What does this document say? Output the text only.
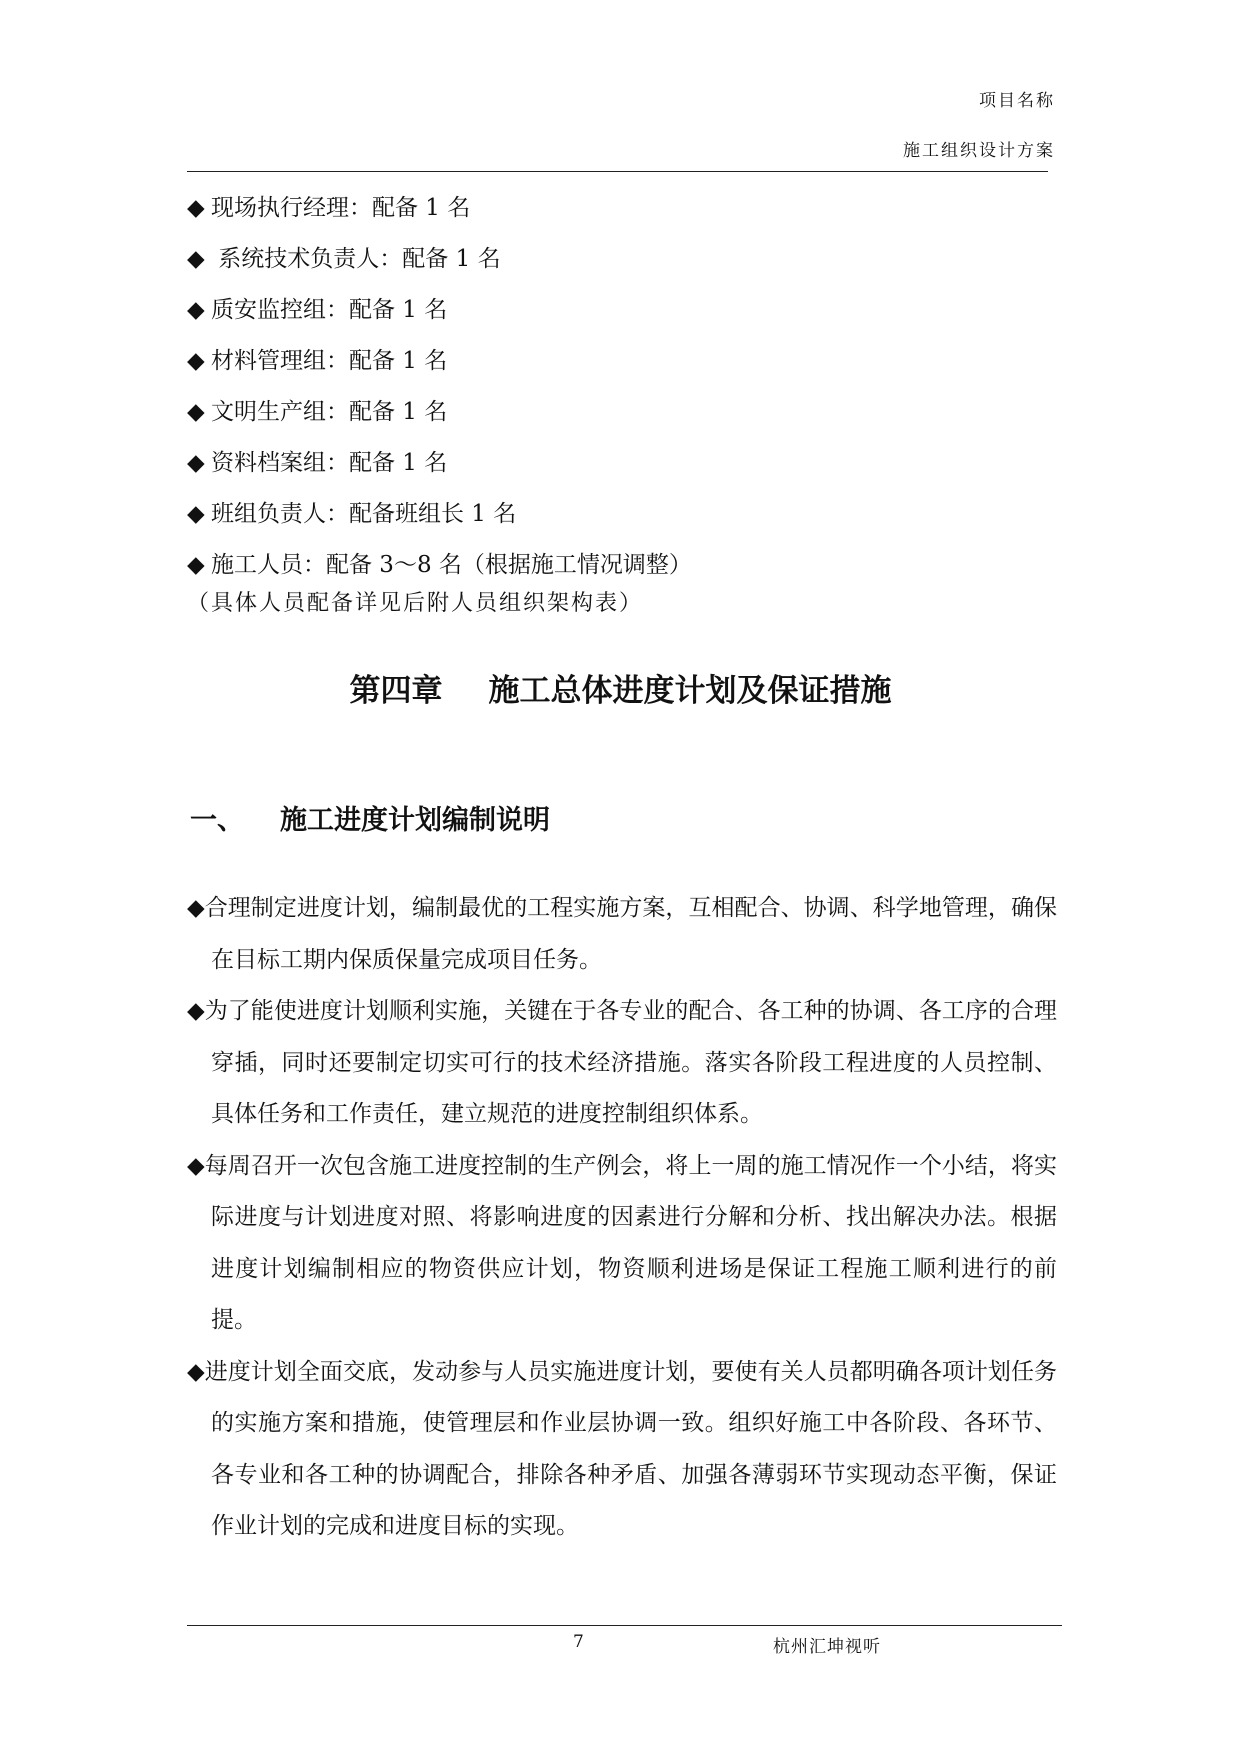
项目名称
施工组织设计方案
◆ 现场执行经理：配备 1 名
◆ 系统技术负责人：配备 1 名
◆ 质安监控组：配备 1 名
◆ 材料管理组：配备 1 名
◆ 文明生产组：配备 1 名
◆ 资料档案组：配备 1 名
◆ 班组负责人：配备班组长 1 名
◆ 施工人员：配备 3～8 名（根据施工情况调整）
（具体人员配备详见后附人员组织架构表）
第四章 施工总体进度计划及保证措施
一、 施工进度计划编制说明
◆合理制定进度计划，编制最优的工程实施方案，互相配合、协调、科学地管理，确保在目标工期内保质保量完成项目任务。
◆为了能使进度计划顺利实施，关键在于各专业的配合、各工种的协调、各工序的合理穿插，同时还要制定切实可行的技术经济措施。落实各阶段工程进度的人员控制、具体任务和工作责任，建立规范的进度控制组织体系。
◆每周召开一次包含施工进度控制的生产例会，将上一周的施工情况作一个小结，将实际进度与计划进度对照、将影响进度的因素进行分解和分析、找出解决办法。根据进度计划编制相应的物资供应计划，物资顺利进场是保证工程施工顺利进行的前提。
◆进度计划全面交底，发动参与人员实施进度计划，要使有关人员都明确各项计划任务的实施方案和措施，使管理层和作业层协调一致。组织好施工中各阶段、各环节、各专业和各工种的协调配合，排除各种矛盾、加强各薄弱环节实现动态平衡，保证作业计划的完成和进度目标的实现。
7	杭州汇坤视听
